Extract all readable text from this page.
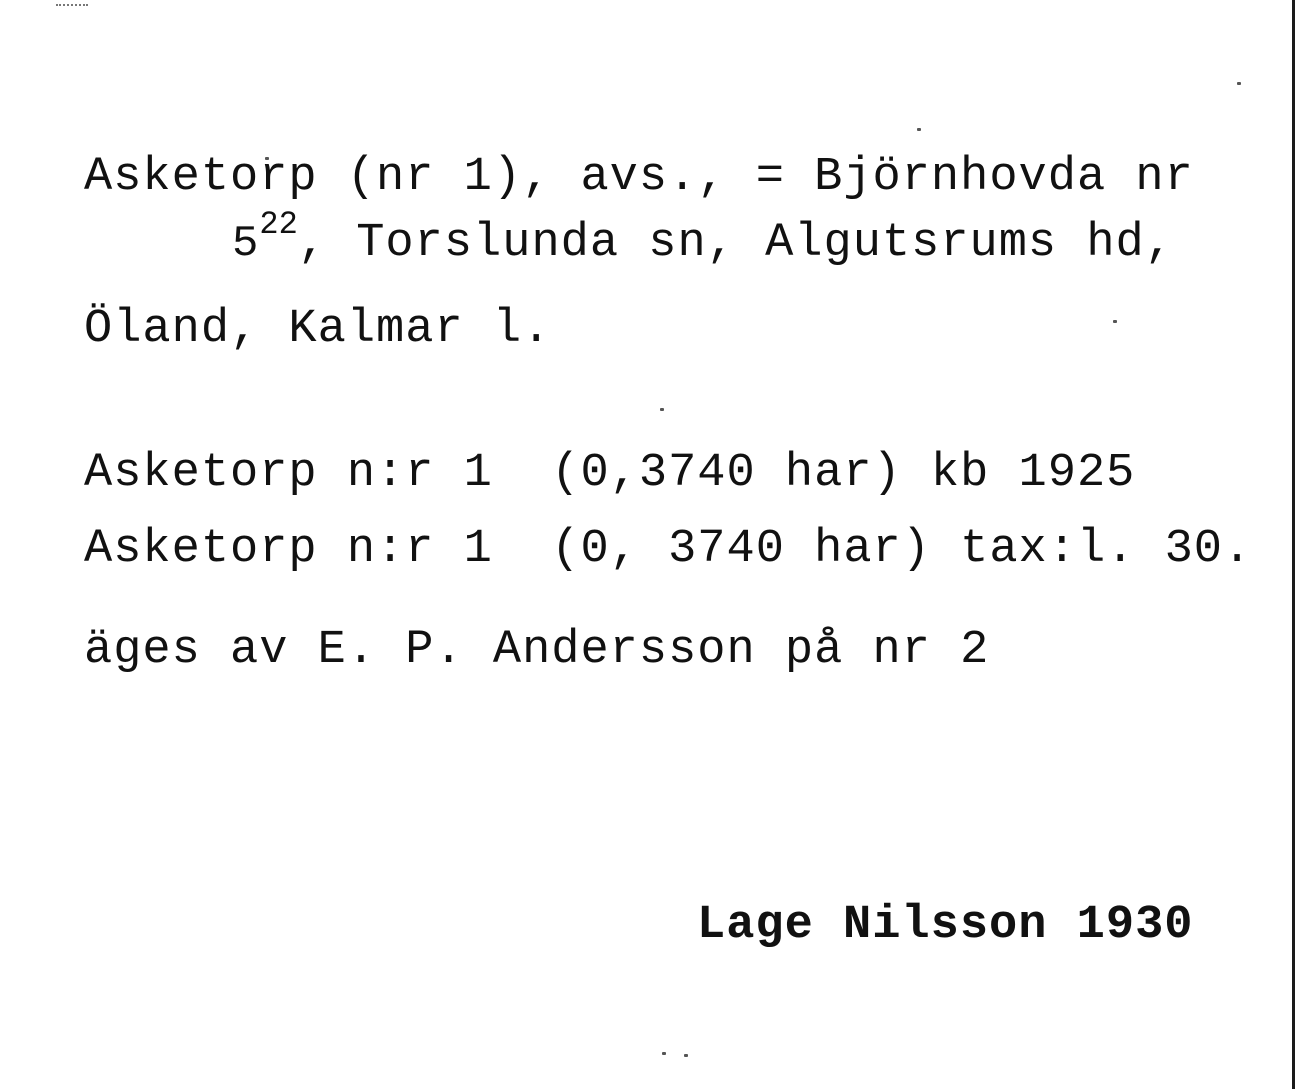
Asketorp (nr 1), avs., = Björnhovda nr

$5^{22}$, Torslunda sn, Algutsrums hd,

Öland, Kalmar l.

Asketorp n:r 1  (0,3740 har) kb 1925

Asketorp n:r 1  (0, 3740 har) tax:l. 30.

äges av E. P. Andersson på nr 2

Lage Nilsson 1930
